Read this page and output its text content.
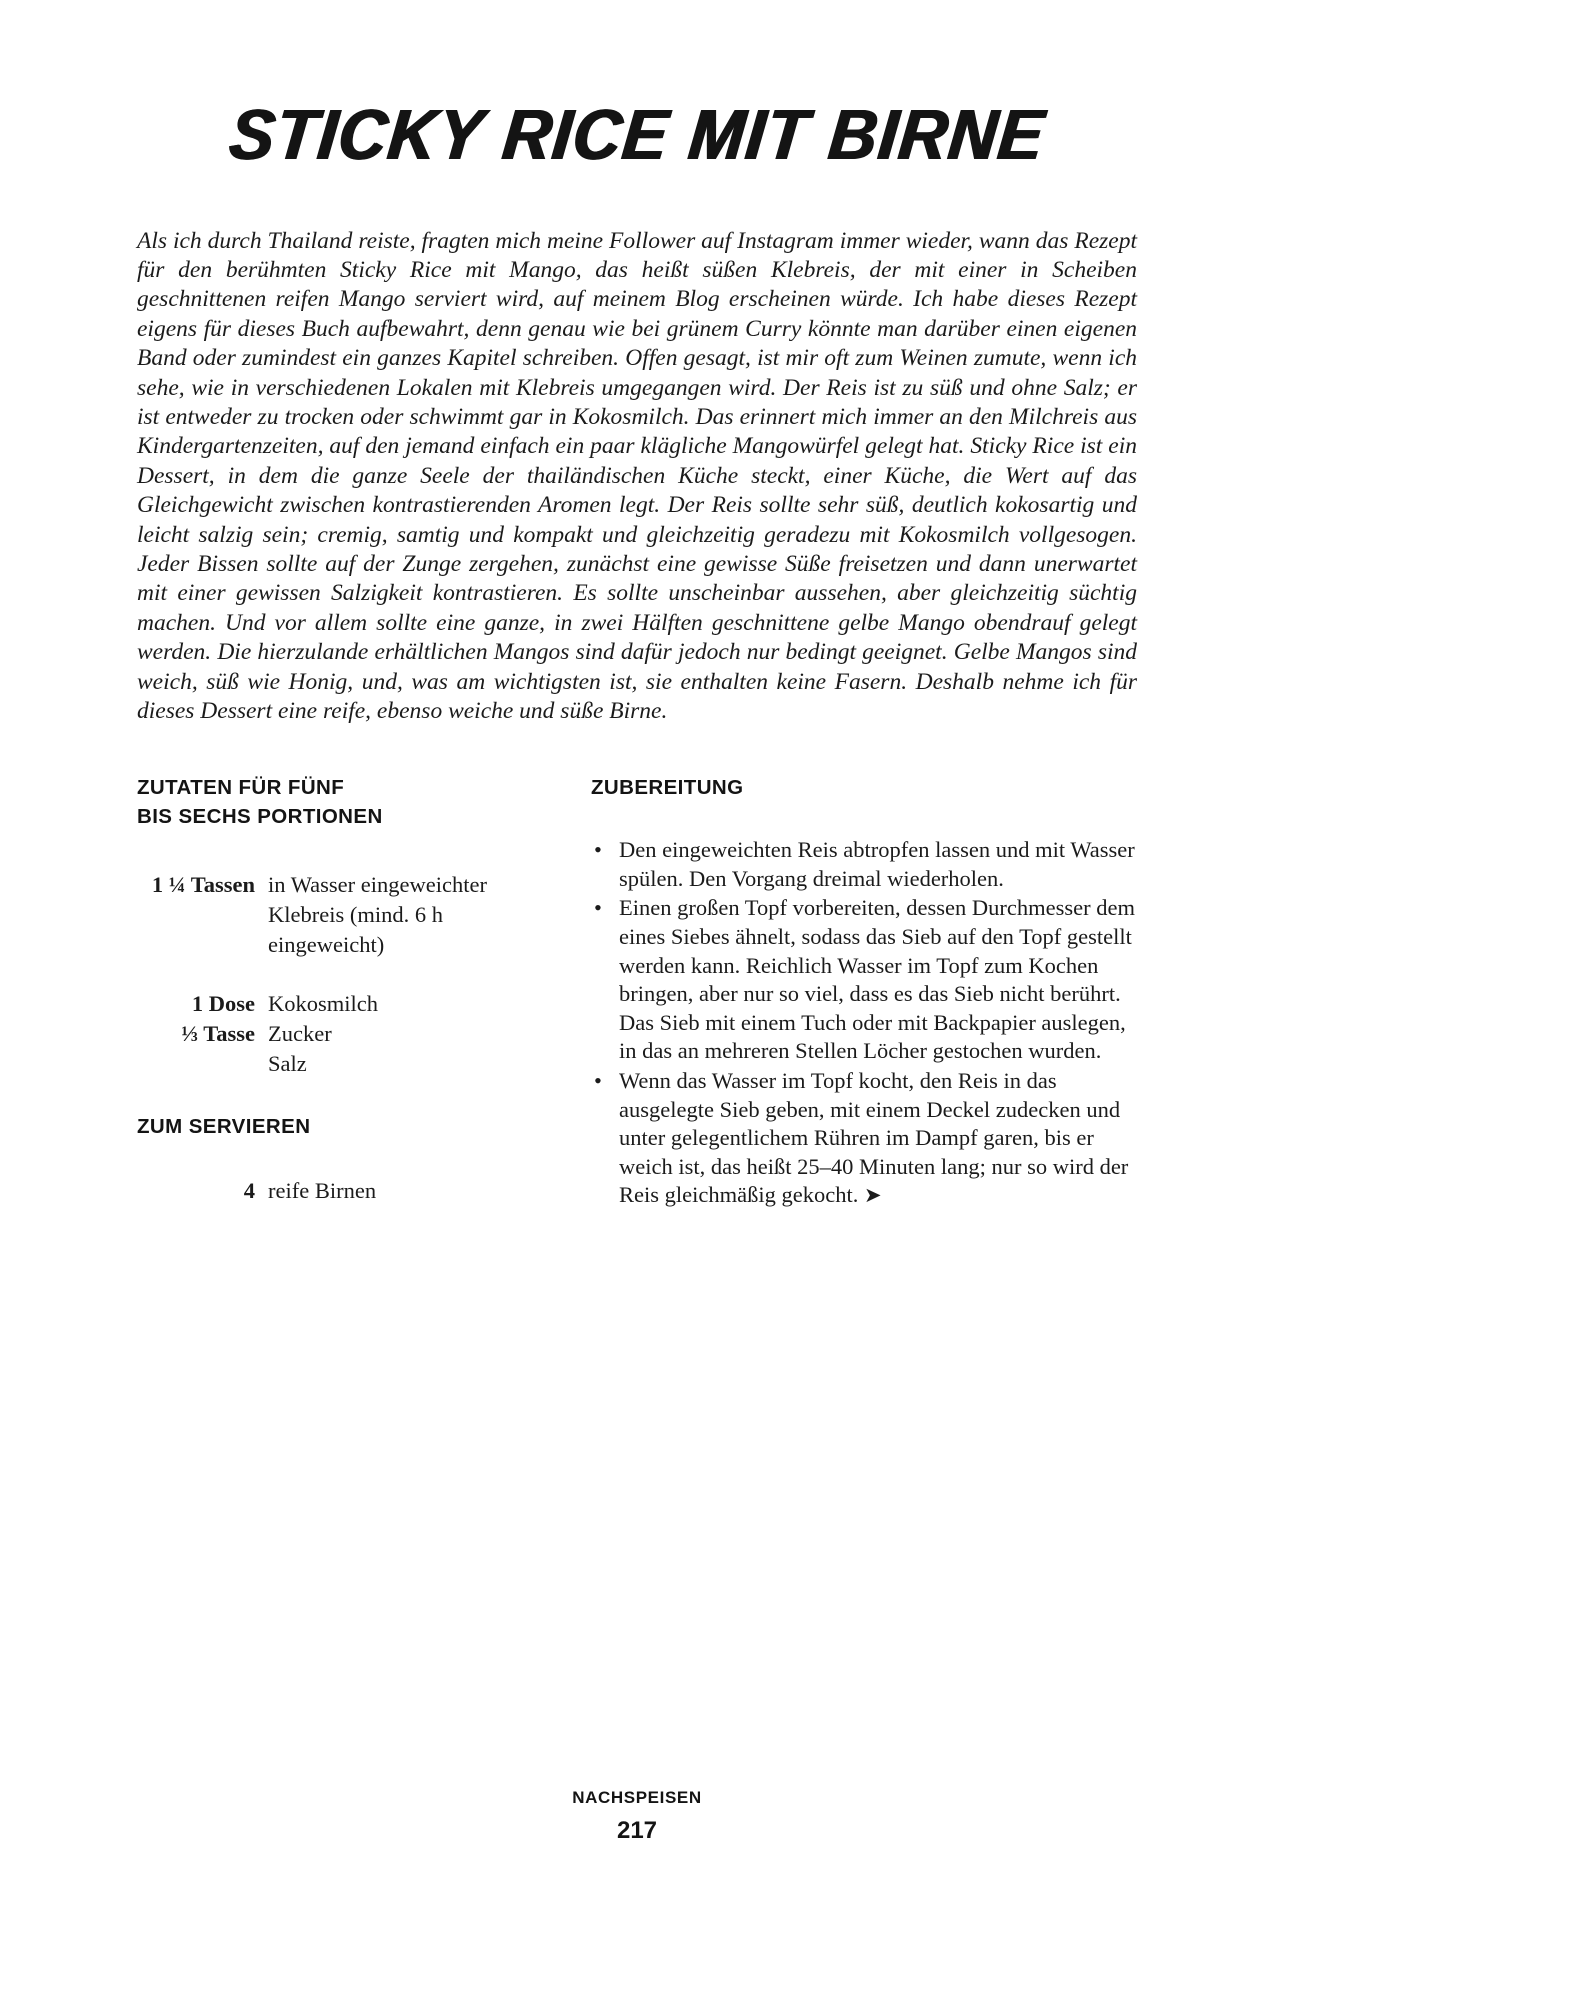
STICKY RICE MIT BIRNE

Als ich durch Thailand reiste, fragten mich meine Follower auf Instagram immer wieder, wann das Rezept für den berühmten Sticky Rice mit Mango, das heißt süßen Klebreis, der mit einer in Scheiben geschnittenen reifen Mango serviert wird, auf meinem Blog erscheinen würde. Ich habe dieses Rezept eigens für dieses Buch aufbewahrt, denn genau wie bei grünem Curry könnte man darüber einen eigenen Band oder zumindest ein ganzes Kapitel schreiben. Offen gesagt, ist mir oft zum Weinen zumute, wenn ich sehe, wie in verschiedenen Lokalen mit Klebreis umgegangen wird. Der Reis ist zu süß und ohne Salz; er ist entweder zu trocken oder schwimmt gar in Kokosmilch. Das erinnert mich immer an den Milchreis aus Kindergartenzeiten, auf den jemand einfach ein paar klägliche Mangowürfel gelegt hat. Sticky Rice ist ein Dessert, in dem die ganze Seele der thailändischen Küche steckt, einer Küche, die Wert auf das Gleichgewicht zwischen kontrastierenden Aromen legt. Der Reis sollte sehr süß, deutlich kokosartig und leicht salzig sein; cremig, samtig und kompakt und gleichzeitig geradezu mit Kokosmilch vollgesogen. Jeder Bissen sollte auf der Zunge zergehen, zunächst eine gewisse Süße freisetzen und dann unerwartet mit einer gewissen Salzigkeit kontrastieren. Es sollte unscheinbar aussehen, aber gleichzeitig süchtig machen. Und vor allem sollte eine ganze, in zwei Hälften geschnittene gelbe Mango obendrauf gelegt werden. Die hierzulande erhältlichen Mangos sind dafür jedoch nur bedingt geeignet. Gelbe Mangos sind weich, süß wie Honig, und, was am wichtigsten ist, sie enthalten keine Fasern. Deshalb nehme ich für dieses Dessert eine reife, ebenso weiche und süße Birne.

ZUTATEN FÜR FÜNF
BIS SECHS PORTIONEN
1 ¼ Tassen in Wasser eingeweichter Klebreis (mind. 6 h eingeweicht)
1 Dose Kokosmilch
⅓ Tasse Zucker
Salz
ZUM SERVIEREN
4 reife Birnen
ZUBEREITUNG
• Den eingeweichten Reis abtropfen lassen und mit Wasser spülen. Den Vorgang dreimal wiederholen.
• Einen großen Topf vorbereiten, dessen Durchmesser dem eines Siebes ähnelt, sodass das Sieb auf den Topf gestellt werden kann. Reichlich Wasser im Topf zum Kochen bringen, aber nur so viel, dass es das Sieb nicht berührt. Das Sieb mit einem Tuch oder mit Backpapier auslegen, in das an mehreren Stellen Löcher gestochen wurden.
• Wenn das Wasser im Topf kocht, den Reis in das ausgelegte Sieb geben, mit einem Deckel zudecken und unter gelegentlichem Rühren im Dampf garen, bis er weich ist, das heißt 25–40 Minuten lang; nur so wird der Reis gleichmäßig gekocht. ➤
NACHSPEISEN
217
